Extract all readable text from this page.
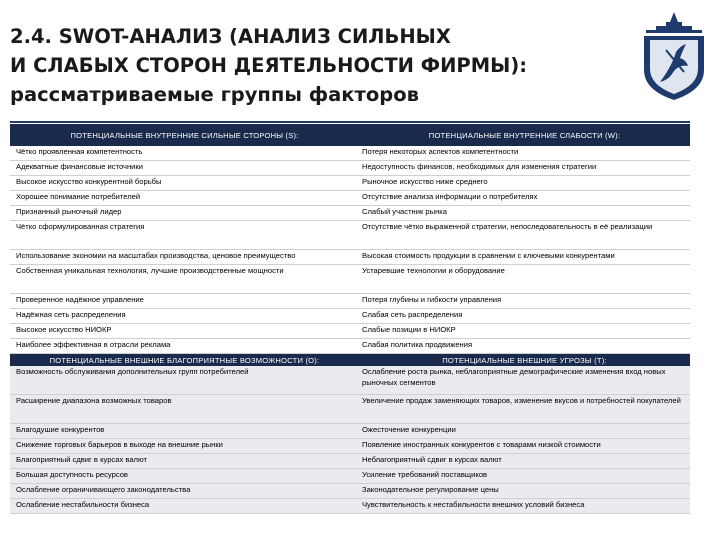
2.4. SWOT-АНАЛИЗ (АНАЛИЗ СИЛЬНЫХ
И СЛАБЫХ СТОРОН ДЕЯТЕЛЬНОСТИ ФИРМЫ):
рассматриваемые группы факторов
100
ПОТЕНЦИАЛЬНЫЕ ВНУТРЕННИЕ СИЛЬНЫЕ СТОРОНЫ (S):	ПОТЕНЦИАЛЬНЫЕ ВНУТРЕННИЕ СЛАБОСТИ (W):
Чётко проявленная компетентность	Потеря некоторых аспектов компетентности
Адекватные финансовые источники	Недоступность финансов, необходимых для изменения стратегии
Высокое искусство конкурентной борьбы	Рыночное искусство ниже среднего
Хорошее понимание потребителей	Отсутствие анализа информации о потребителях
Признанный рыночный лидер	Слабый участник рынка
Чётко сформулированная стратегия	Отсутствие чётко выраженной стратегии, непоследовательность в её реализации
Использование экономии на масштабах производства, ценовое преимущество	Высокая стоимость продукции в сравнении с ключевыми конкурентами
Собственная уникальная технология, лучшие производственные мощности	Устаревшие технологии и оборудование
Проверенное надёжное управление	Потеря глубины и гибкости управления
Надёжная сеть распределения	Слабая сеть распределения
Высокое искусство НИОКР	Слабые позиции в НИОКР
Наиболее эффективная в отрасли реклама	Слабая политика продвижения
ПОТЕНЦИАЛЬНЫЕ ВНЕШНИЕ БЛАГОПРИЯТНЫЕ ВОЗМОЖНОСТИ (O):	ПОТЕНЦИАЛЬНЫЕ ВНЕШНИЕ УГРОЗЫ (T):
Возможность обслуживания дополнительных групп потребителей	Ослабление роста рынка, неблагоприятные демографические изменения вход новых рыночных сегментов
Расширение диапазона возможных товаров	Увеличение продаж заменяющих товаров, изменение вкусов и потребностей покупателей
Благодушие конкурентов	Ожесточение конкуренции
Снижение торговых барьеров в выходе на внешние рынки	Появление иностранных конкурентов с товарами низкой стоимости
Благоприятный сдвиг в курсах валют	Неблагоприятный сдвиг в курсах валют
Большая доступность ресурсов	Усиление требований поставщиков
Ослабление ограничивающего законодательства	Законодательное регулирование цены
Ослабление нестабильности бизнеса	Чувствительность к нестабильности внешних условий бизнеса
